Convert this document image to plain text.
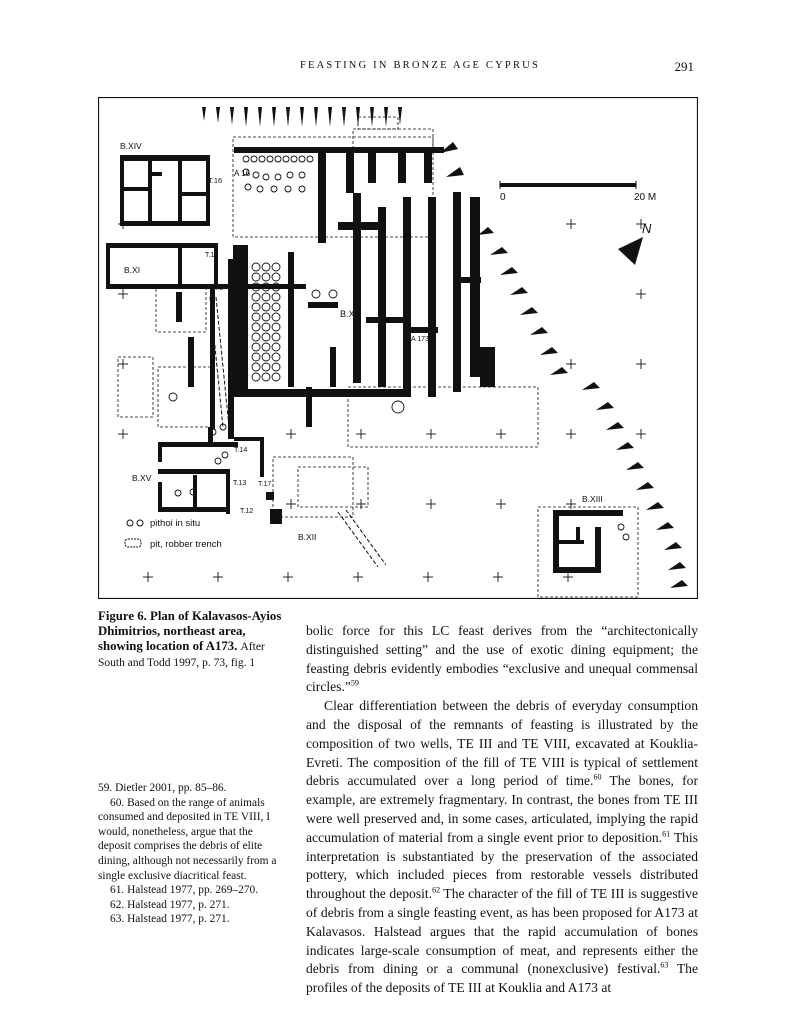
FEASTING IN BRONZE AGE CYPRUS	291
0	20 M
N
B.XIV
A 16
T.16
T.11
B.XI
T.9
B.X
A 173
T.14
B.XV
T.13 T.17
T.12
B.XII
B.XIII
pithoi in situ
pit, robber trench
Figure 6. Plan of Kalavasos-Ayios Dhimitrios, northeast area, showing location of A173. After South and Todd 1997, p. 73, fig. 1

59. Dietler 2001, pp. 85–86.

60. Based on the range of animals consumed and deposited in TE VIII, I would, nonetheless, argue that the deposit comprises the debris of elite dining, although not necessarily from a single exclusive diacritical feast.

61. Halstead 1977, pp. 269–270.

62. Halstead 1977, p. 271.

63. Halstead 1977, p. 271.

bolic force for this LC feast derives from the “architectonically distinguished setting” and the use of exotic dining equipment; the feasting debris evidently embodies “exclusive and unequal commensal circles.”$^{59}$

Clear differentiation between the debris of everyday consumption and the disposal of the remnants of feasting is illustrated by the composition of two wells, TE III and TE VIII, excavated at Kouklia-Evreti. The composition of the fill of TE VIII is typical of settlement debris accumulated over a long period of time.$^{60}$ The bones, for example, are extremely fragmentary. In contrast, the bones from TE III were well preserved and, in some cases, articulated, implying the rapid accumulation of material from a single event prior to deposition.$^{61}$ This interpretation is substantiated by the preservation of the associated pottery, which included pieces from restorable vessels distributed throughout the deposit.$^{62}$ The character of the fill of TE III is suggestive of debris from a single feasting event, as has been proposed for A173 at Kalavasos. Halstead argues that the rapid accumulation of bones indicates large-scale consumption of meat, and represents either the debris from dining or a communal (nonexclusive) festival.$^{63}$ The profiles of the deposits of TE III at Kouklia and A173 at
